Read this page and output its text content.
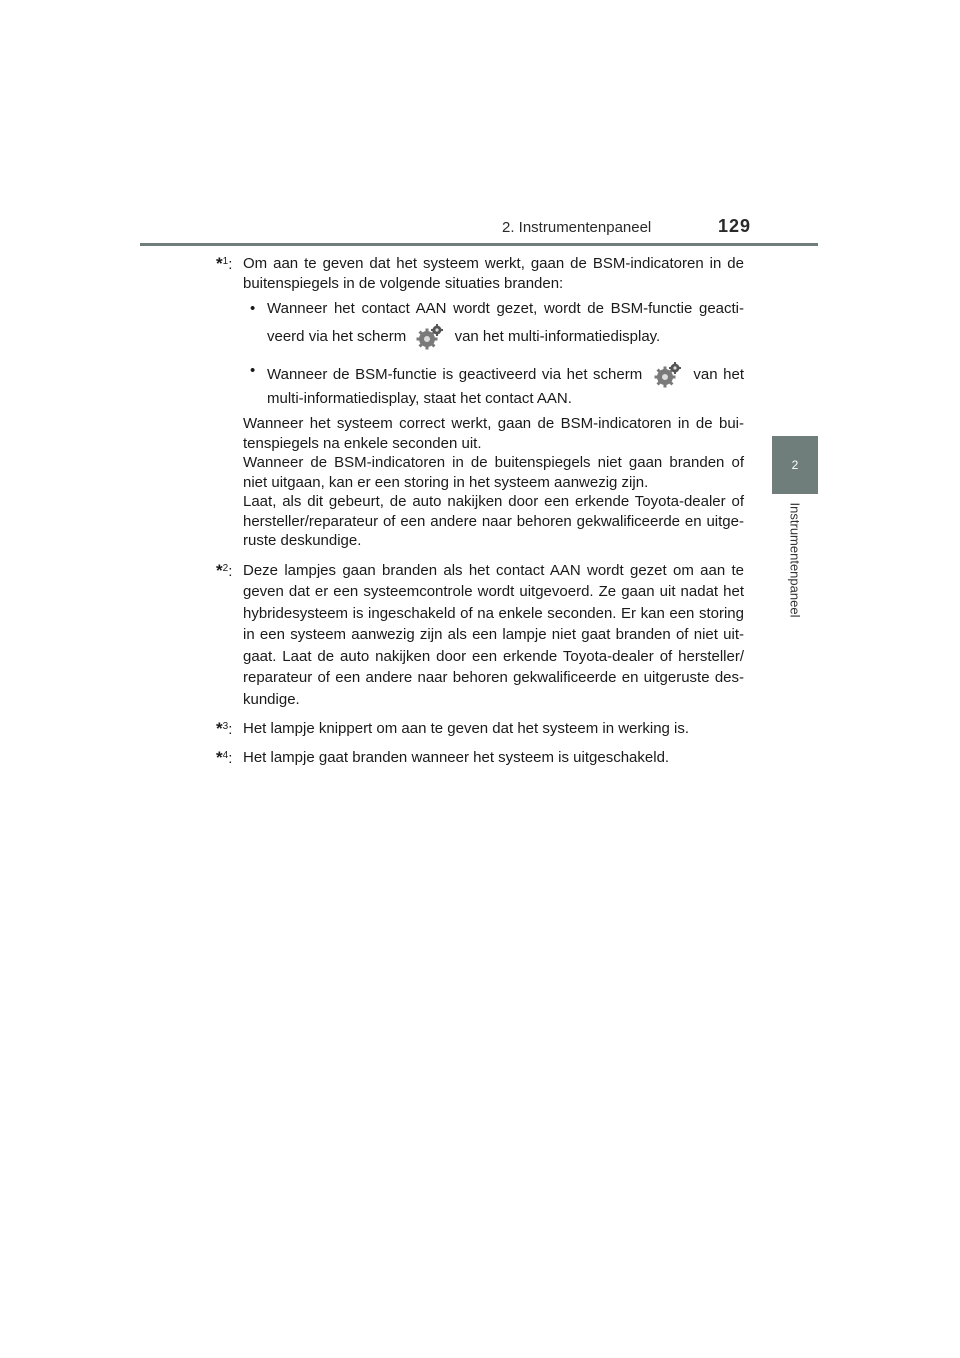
2. Instrumentenpaneel	129
2
Instrumentenpaneel
*$^1$: Om aan te geven dat het systeem werkt, gaan de BSM-indicatoren in de
buitenspiegels in de volgende situaties branden:
• Wanneer het contact AAN wordt gezet, wordt de BSM-functie geacti-
veerd via het scherm	van het multi-informatiedisplay.
• Wanneer de BSM-functie is geactiveerd via het scherm	van het
multi-informatiedisplay, staat het contact AAN.
Wanneer het systeem correct werkt, gaan de BSM-indicatoren in de bui-
tenspiegels na enkele seconden uit.
Wanneer de BSM-indicatoren in de buitenspiegels niet gaan branden of
niet uitgaan, kan er een storing in het systeem aanwezig zijn.
Laat, als dit gebeurt, de auto nakijken door een erkende Toyota-dealer of
hersteller/reparateur of een andere naar behoren gekwalificeerde en uitge-
ruste deskundige.
*$^2$: Deze lampjes gaan branden als het contact AAN wordt gezet om aan te
geven dat er een systeemcontrole wordt uitgevoerd. Ze gaan uit nadat het
hybridesysteem is ingeschakeld of na enkele seconden. Er kan een storing
in een systeem aanwezig zijn als een lampje niet gaat branden of niet uit-
gaat. Laat de auto nakijken door een erkende Toyota-dealer of hersteller/
reparateur of een andere naar behoren gekwalificeerde en uitgeruste des-
kundige.
*$^3$: Het lampje knippert om aan te geven dat het systeem in werking is.
*$^4$: Het lampje gaat branden wanneer het systeem is uitgeschakeld.
